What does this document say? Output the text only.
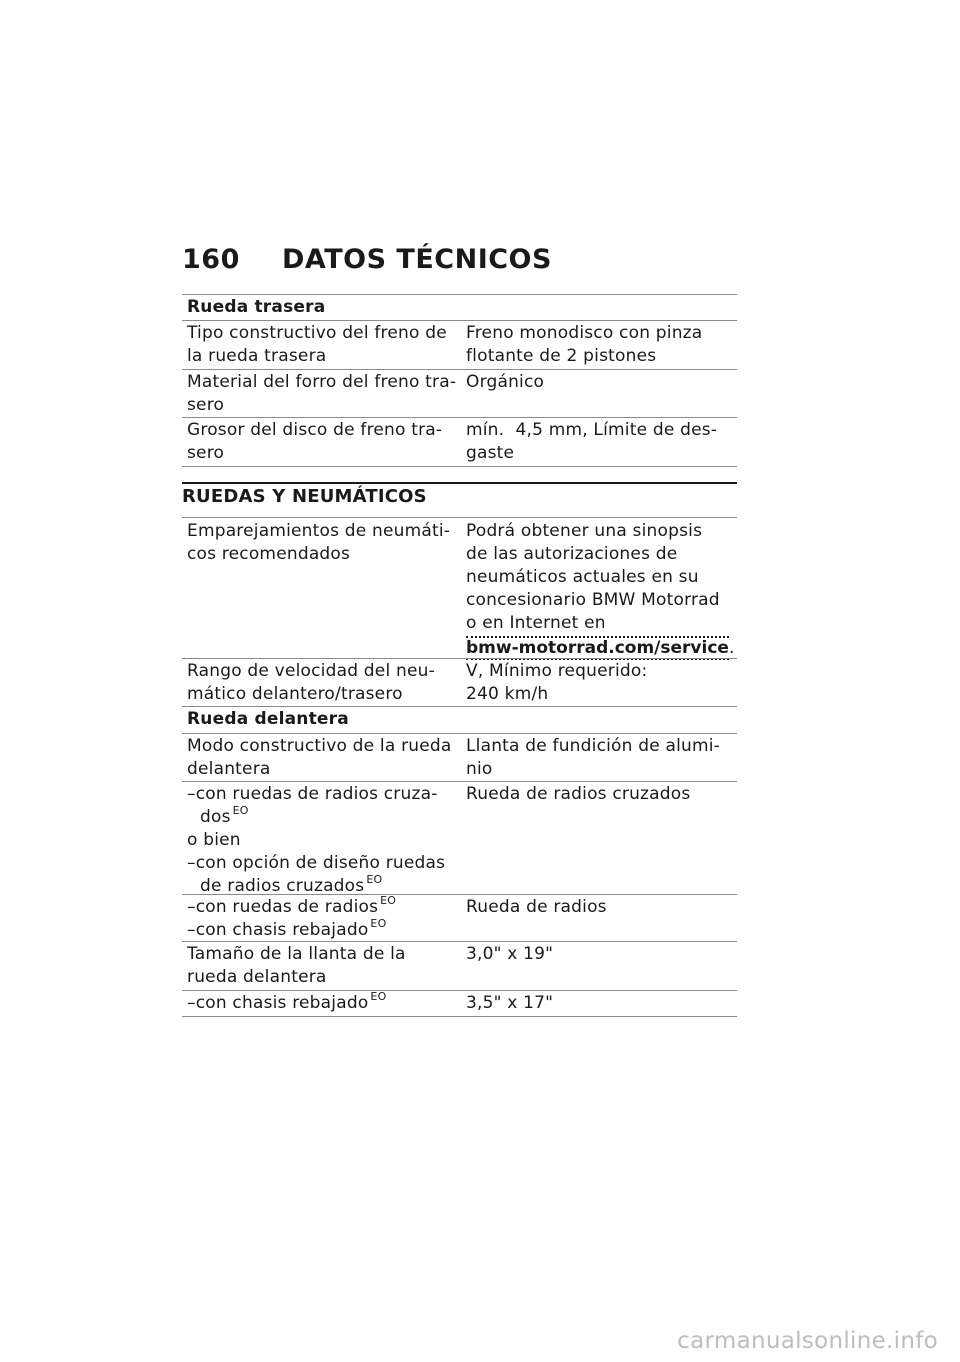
160 DATOS TÉCNICOS
Rueda trasera
Tipo constructivo del freno de
la rueda trasera
Freno monodisco con pinza
flotante de 2 pistones
Material del forro del freno tra-
sero
Orgánico
Grosor del disco de freno tra-
sero
mín.  4,5 mm, Límite de des-
gaste
RUEDAS Y NEUMÁTICOS
Emparejamientos de neumáti-
cos recomendados
Podrá obtener una sinopsis
de las autorizaciones de
neumáticos actuales en su
concesionario BMW Motorrad
o en Internet en
bmw-motorrad.com/service.
Rango de velocidad del neu-
mático delantero/trasero
V, Mínimo requerido:
240 km/h
Rueda delantera
Modo constructivo de la rueda
delantera
Llanta de fundición de alumi-
nio
–con ruedas de radios cruza-
dos $^{EO}$
o bien
–con opción de diseño ruedas
de radios cruzados $^{EO}$
Rueda de radios cruzados
–con ruedas de radios $^{EO}$
–con chasis rebajado $^{EO}$
Rueda de radios
Tamaño de la llanta de la
rueda delantera
3,0" x 19"
–con chasis rebajado $^{EO}$	3,5" x 17"
carmanualsonline.info
